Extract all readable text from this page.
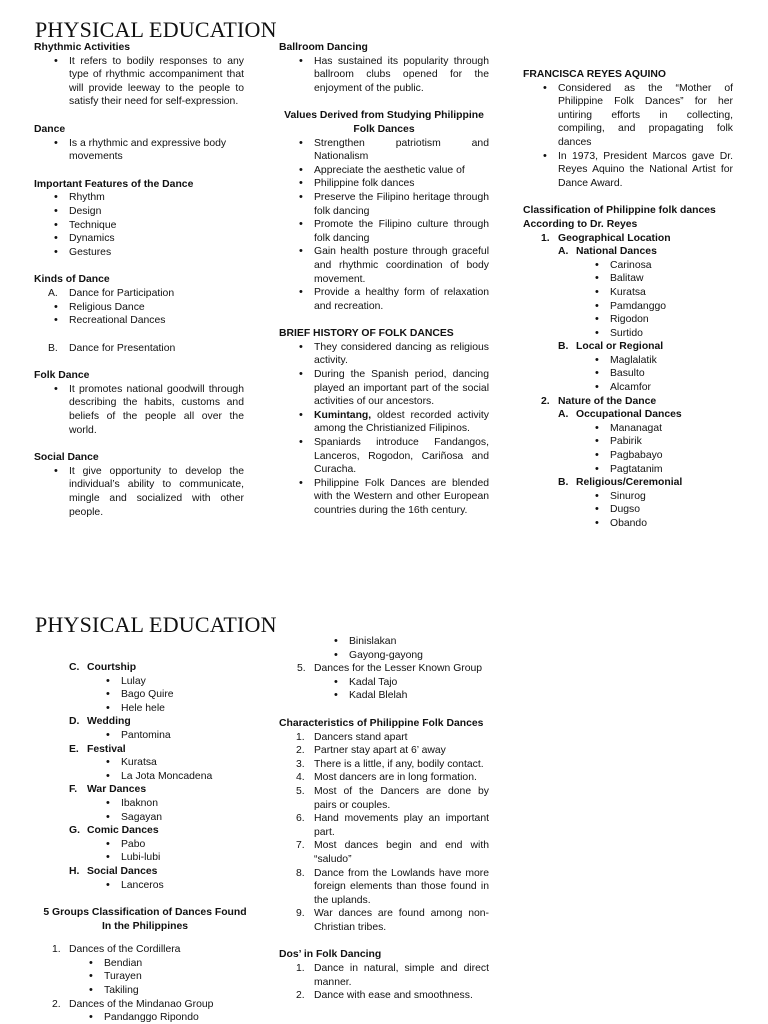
PHYSICAL EDUCATION

Rhythmic Activities

• It refers to bodily responses to any type of rhythmic accompaniment that will provide leeway to the people to satisfy their need for self-expression.

Dance

• Is a rhythmic and expressive body movements

Important Features of the Dance

• Rhythm
• Design
• Technique
• Dynamics
• Gestures

Kinds of Dance

A. Dance for Participation
• Religious Dance
• Recreational Dances
B. Dance for Presentation

Folk Dance

• It promotes national goodwill through describing the habits, customs and beliefs of the people all over the world.

Social Dance

• It give opportunity to develop the individual’s ability to communicate, mingle and socialized with other people.

Ballroom Dancing

• Has sustained its popularity through ballroom clubs opened for the enjoyment of the public.

Values Derived from Studying Philippine Folk Dances

• Strengthen patriotism and Nationalism
• Appreciate the aesthetic value of
• Philippine folk dances
• Preserve the Filipino heritage through folk dancing
• Promote the Filipino culture through folk dancing
• Gain health posture through graceful and rhythmic coordination of body movement.
• Provide a healthy form of relaxation and recreation.

BRIEF HISTORY OF FOLK DANCES

• They considered dancing as religious activity.
• During the Spanish period, dancing played an important part of the social activities of our ancestors.
• Kumintang, oldest recorded activity among the Christianized Filipinos.
• Spaniards introduce Fandangos, Lanceros, Rogodon, Cariñosa and Curacha.
• Philippine Folk Dances are blended with the Western and other European countries during the 16th century.

FRANCISCA REYES AQUINO

• Considered as the “Mother of Philippine Folk Dances” for her untiring efforts in collecting, compiling, and propagating folk dances
• In 1973, President Marcos gave Dr. Reyes Aquino the National Artist for Dance Award.

Classification of Philippine folk dances According to Dr. Reyes

1. Geographical Location
A. National Dances
• Carinosa
• Balitaw
• Kuratsa
• Pamdanggo
• Rigodon
• Surtido
B. Local or Regional
• Maglalatik
• Basulto
• Alcamfor
2. Nature of the Dance
A. Occupational Dances
• Mananagat
• Pabirik
• Pagbabayo
• Pagtatanim
B. Religious/Ceremonial
• Sinurog
• Dugso
• Obando
PHYSICAL EDUCATION
C. Courtship
• Lulay
• Bago Quire
• Hele hele
D. Wedding
• Pantomina
E. Festival
• Kuratsa
• La Jota Moncadena
F. War Dances
• Ibaknon
• Sagayan
G. Comic Dances
• Pabo
• Lubi-lubi
H. Social Dances
• Lanceros

5 Groups Classification of Dances Found In the Philippines

1. Dances of the Cordillera
• Bendian
• Turayen
• Takiling
2. Dances of the Mindanao Group
• Pandanggo Ripondo
• Binislakan
• Gayong-gayong
5. Dances for the Lesser Known Group
• Kadal Tajo
• Kadal Blelah

Characteristics of Philippine Folk Dances

1. Dancers stand apart
2. Partner stay apart at 6’ away
3. There is a little, if any, bodily contact.
4. Most dancers are in long formation.
5. Most of the Dancers are done by pairs or couples.
6. Hand movements play an important part.
7. Most dances begin and end with “saludo”
8. Dance from the Lowlands have more foreign elements than those found in the uplands.
9. War dances are found among non-Christian tribes.

Dos’ in Folk Dancing

1. Dance in natural, simple and direct manner.
2. Dance with ease and smoothness.
